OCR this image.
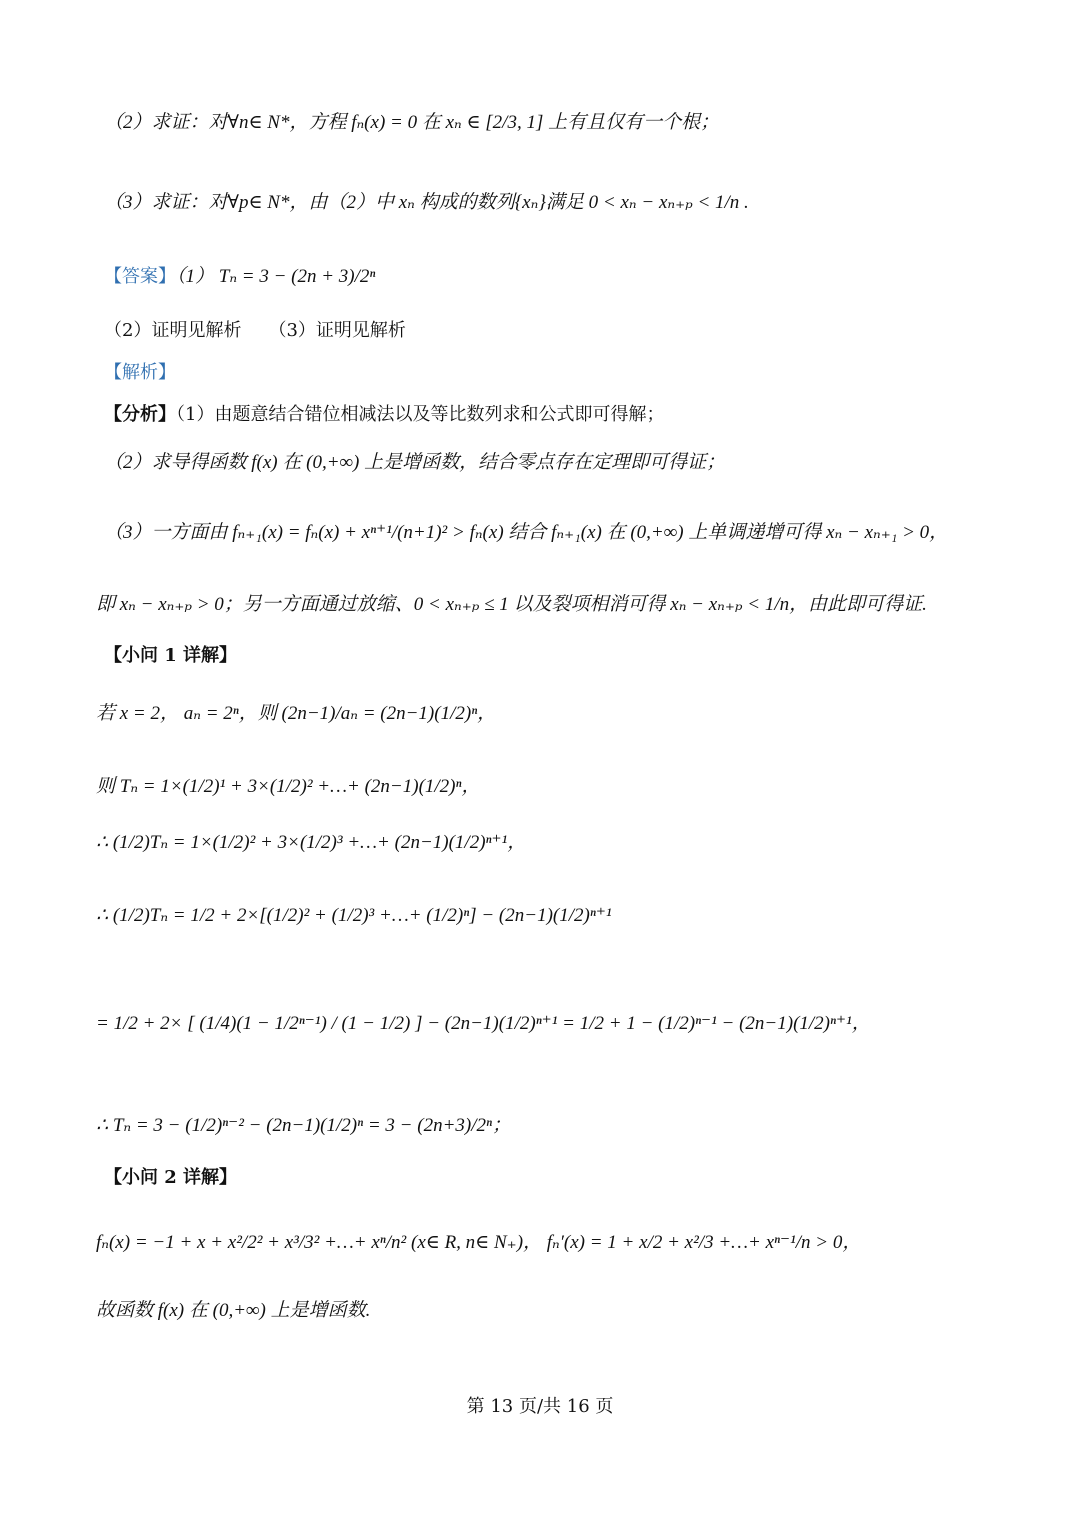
（2）求证：对∀n∈ N*，方程 fₙ(x) = 0 在 xₙ ∈ [2/3, 1] 上有且仅有一个根；
（3）求证：对∀p∈ N*，由（2）中 xₙ 构成的数列{xₙ}满足 0 < xₙ − xₙ₊ₚ < 1/n .
【答案】（1） Tₙ = 3 − (2n + 3)/2ⁿ
（2）证明见解析　　（3）证明见解析
【解析】
【分析】（1）由题意结合错位相减法以及等比数列求和公式即可得解；
（2）求导得函数 f(x) 在 (0,+∞) 上是增函数，结合零点存在定理即可得证；
（3）一方面由 fₙ₊₁(x) = fₙ(x) + xⁿ⁺¹/(n+1)² > fₙ(x) 结合 fₙ₊₁(x) 在 (0,+∞) 上单调递增可得 xₙ − xₙ₊₁ > 0，
即 xₙ − xₙ₊ₚ > 0；另一方面通过放缩、0 < xₙ₊ₚ ≤ 1 以及裂项相消可得 xₙ − xₙ₊ₚ < 1/n，由此即可得证.
【小问 1 详解】
若 x = 2， aₙ = 2ⁿ，则 (2n−1)/aₙ = (2n−1)(1/2)ⁿ，
则 Tₙ = 1×(1/2)¹ + 3×(1/2)² +…+ (2n−1)(1/2)ⁿ，
∴ (1/2)Tₙ = 1×(1/2)² + 3×(1/2)³ +…+ (2n−1)(1/2)ⁿ⁺¹，
∴ (1/2)Tₙ = 1/2 + 2×[(1/2)² + (1/2)³ +…+ (1/2)ⁿ] − (2n−1)(1/2)ⁿ⁺¹
= 1/2 + 2× [ (1/4)(1 − 1/2ⁿ⁻¹) / (1 − 1/2) ] − (2n−1)(1/2)ⁿ⁺¹ = 1/2 + 1 − (1/2)ⁿ⁻¹ − (2n−1)(1/2)ⁿ⁺¹，
∴ Tₙ = 3 − (1/2)ⁿ⁻² − (2n−1)(1/2)ⁿ = 3 − (2n+3)/2ⁿ；
【小问 2 详解】
fₙ(x) = −1 + x + x²/2² + x³/3² +…+ xⁿ/n² (x∈ R, n∈ N₊)， fₙ′(x) = 1 + x/2 + x²/3 +…+ xⁿ⁻¹/n > 0，
故函数 f(x) 在 (0,+∞) 上是增函数.
第 13 页/共 16 页
